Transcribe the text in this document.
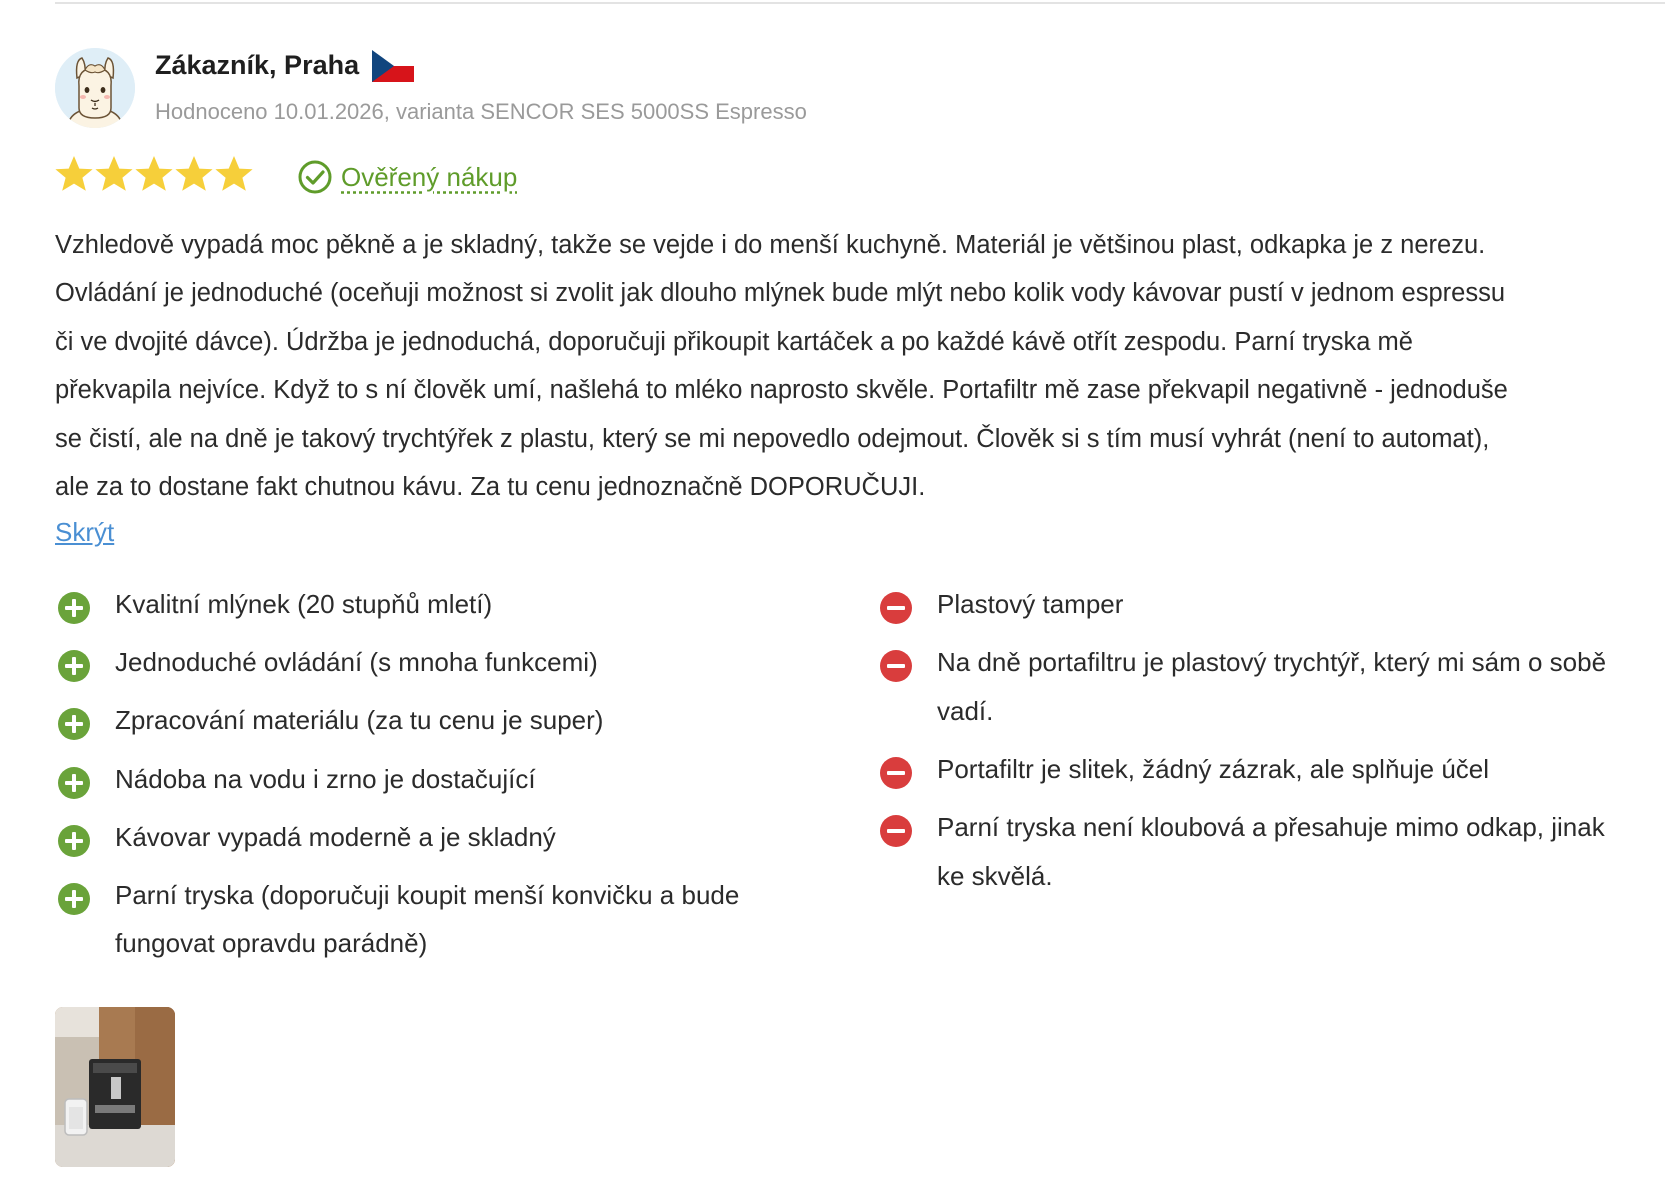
Zákazník, Praha
Hodnoceno 10.01.2026, varianta SENCOR SES 5000SS Espresso
Ověřený nákup
Vzhledově vypadá moc pěkně a je skladný, takže se vejde i do menší kuchyně. Materiál je většinou plast, odkapka je z nerezu.
Ovládání je jednoduché (oceňuji možnost si zvolit jak dlouho mlýnek bude mlýt nebo kolik vody kávovar pustí v jednom espressu
či ve dvojité dávce). Údržba je jednoduchá, doporučuji přikoupit kartáček a po každé kávě otřít zespodu. Parní tryska mě
překvapila nejvíce. Když to s ní člověk umí, našlehá to mléko naprosto skvěle. Portafiltr mě zase překvapil negativně - jednoduše
se čistí, ale na dně je takový trychtýřek z plastu, který se mi nepovedlo odejmout. Člověk si s tím musí vyhrát (není to automat),
ale za to dostane fakt chutnou kávu. Za tu cenu jednoznačně DOPORUČUJI.
Skrýt
Kvalitní mlýnek (20 stupňů mletí)
Jednoduché ovládání (s mnoha funkcemi)
Zpracování materiálu (za tu cenu je super)
Nádoba na vodu i zrno je dostačující
Kávovar vypadá moderně a je skladný
Parní tryska (doporučuji koupit menší konvičku a bude
fungovat opravdu parádně)
Plastový tamper
Na dně portafiltru je plastový trychtýř, který mi sám o sobě
vadí.
Portafiltr je slitek, žádný zázrak, ale splňuje účel
Parní tryska není kloubová a přesahuje mimo odkap, jinak
ke skvělá.
